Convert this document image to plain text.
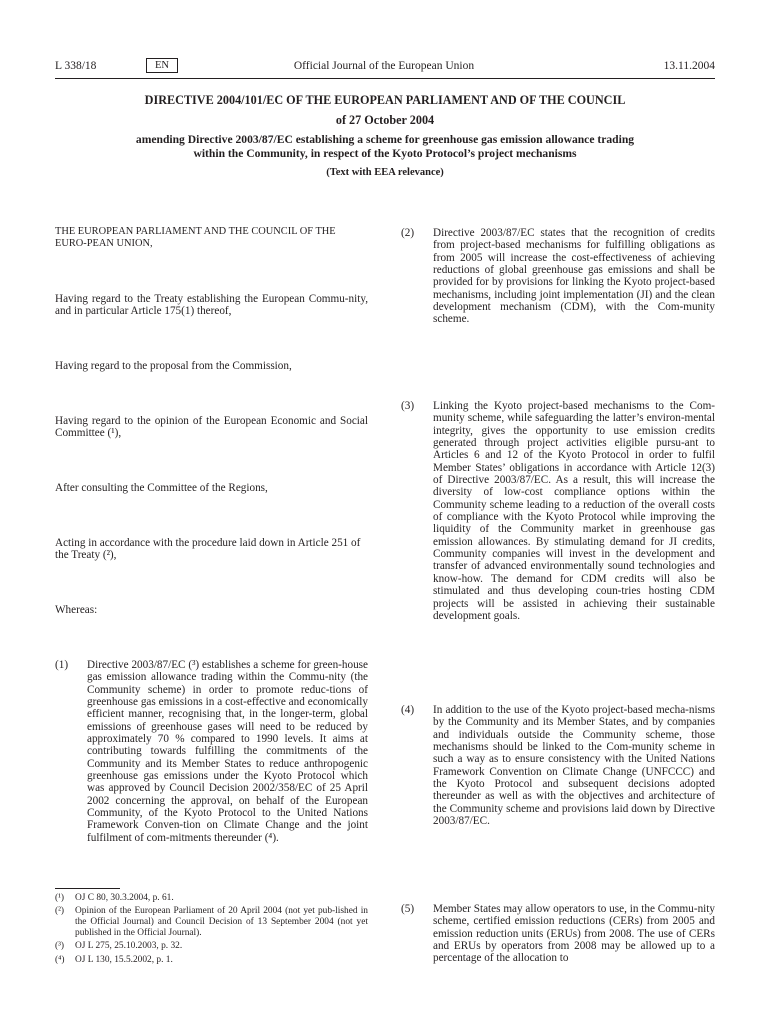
L 338/18	EN	Official Journal of the European Union	13.11.2004
DIRECTIVE 2004/101/EC OF THE EUROPEAN PARLIAMENT AND OF THE COUNCIL
of 27 October 2004
amending Directive 2003/87/EC establishing a scheme for greenhouse gas emission allowance trading
within the Community, in respect of the Kyoto Protocol’s project mechanisms
(Text with EEA relevance)
THE EUROPEAN PARLIAMENT AND THE COUNCIL OF THE EURO-PEAN UNION,
Having regard to the Treaty establishing the European Commu-nity, and in particular Article 175(1) thereof,
Having regard to the proposal from the Commission,
Having regard to the opinion of the European Economic and Social Committee (¹),
After consulting the Committee of the Regions,
Acting in accordance with the procedure laid down in Article 251 of the Treaty (²),
Whereas:
(1)	Directive 2003/87/EC (³) establishes a scheme for green-house gas emission allowance trading within the Commu-nity (the Community scheme) in order to promote reduc-tions of greenhouse gas emissions in a cost-effective and economically efficient manner, recognising that, in the longer-term, global emissions of greenhouse gases will need to be reduced by approximately 70 % compared to 1990 levels. It aims at contributing towards fulfilling the commitments of the Community and its Member States to reduce anthropogenic greenhouse gas emissions under the Kyoto Protocol which was approved by Council Decision 2002/358/EC of 25 April 2002 concerning the approval, on behalf of the European Community, of the Kyoto Protocol to the United Nations Framework Conven-tion on Climate Change and the joint fulfilment of com-mitments thereunder (⁴).
(¹)	OJ C 80, 30.3.2004, p. 61.
(²)	Opinion of the European Parliament of 20 April 2004 (not yet pub-lished in the Official Journal) and Council Decision of 13 September 2004 (not yet published in the Official Journal).
(³)	OJ L 275, 25.10.2003, p. 32.
(⁴)	OJ L 130, 15.5.2002, p. 1.
(2)	Directive 2003/87/EC states that the recognition of credits from project-based mechanisms for fulfilling obligations as from 2005 will increase the cost-effectiveness of achieving reductions of global greenhouse gas emissions and shall be provided for by provisions for linking the Kyoto project-based mechanisms, including joint implementation (JI) and the clean development mechanism (CDM), with the Com-munity scheme.
(3)	Linking the Kyoto project-based mechanisms to the Com-munity scheme, while safeguarding the latter’s environ-mental integrity, gives the opportunity to use emission credits generated through project activities eligible pursu-ant to Articles 6 and 12 of the Kyoto Protocol in order to fulfil Member States’ obligations in accordance with Article 12(3) of Directive 2003/87/EC. As a result, this will increase the diversity of low-cost compliance options within the Community scheme leading to a reduction of the overall costs of compliance with the Kyoto Protocol while improving the liquidity of the Community market in greenhouse gas emission allowances. By stimulating demand for JI credits, Community companies will invest in the development and transfer of advanced environmentally sound technologies and know-how. The demand for CDM credits will also be stimulated and thus developing coun-tries hosting CDM projects will be assisted in achieving their sustainable development goals.
(4)	In addition to the use of the Kyoto project-based mecha-nisms by the Community and its Member States, and by companies and individuals outside the Community scheme, those mechanisms should be linked to the Com-munity scheme in such a way as to ensure consistency with the United Nations Framework Convention on Climate Change (UNFCCC) and the Kyoto Protocol and subsequent decisions adopted thereunder as well as with the objectives and architecture of the Community scheme and provisions laid down by Directive 2003/87/EC.
(5)	Member States may allow operators to use, in the Commu-nity scheme, certified emission reductions (CERs) from 2005 and emission reduction units (ERUs) from 2008. The use of CERs and ERUs by operators from 2008 may be allowed up to a percentage of the allocation to
